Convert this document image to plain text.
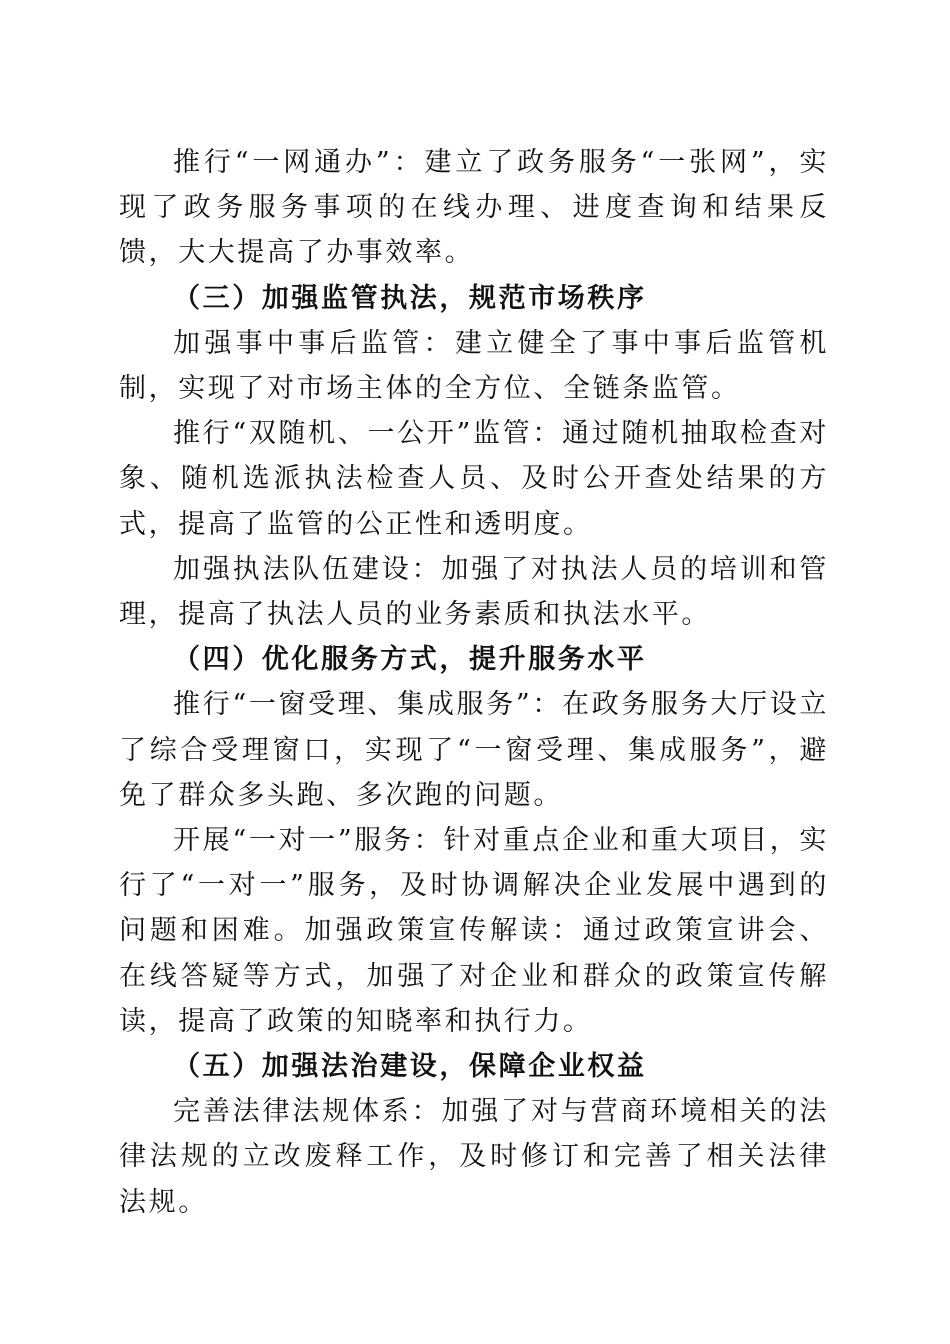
推行“一网通办”：建立了政务服务“一张网”，实现了政务服务事项的在线办理、进度查询和结果反馈，大大提高了办事效率。

（三）加强监管执法，规范市场秩序

加强事中事后监管：建立健全了事中事后监管机制，实现了对市场主体的全方位、全链条监管。

推行“双随机、一公开”监管：通过随机抽取检查对象、随机选派执法检查人员、及时公开查处结果的方式，提高了监管的公正性和透明度。

加强执法队伍建设：加强了对执法人员的培训和管理，提高了执法人员的业务素质和执法水平。

（四）优化服务方式，提升服务水平

推行“一窗受理、集成服务”：在政务服务大厅设立了综合受理窗口，实现了“一窗受理、集成服务”，避免了群众多头跑、多次跑的问题。

开展“一对一”服务：针对重点企业和重大项目，实行了“一对一”服务，及时协调解决企业发展中遇到的问题和困难。加强政策宣传解读：通过政策宣讲会、在线答疑等方式，加强了对企业和群众的政策宣传解读，提高了政策的知晓率和执行力。

（五）加强法治建设，保障企业权益

完善法律法规体系：加强了对与营商环境相关的法律法规的立改废释工作，及时修订和完善了相关法律法规。
